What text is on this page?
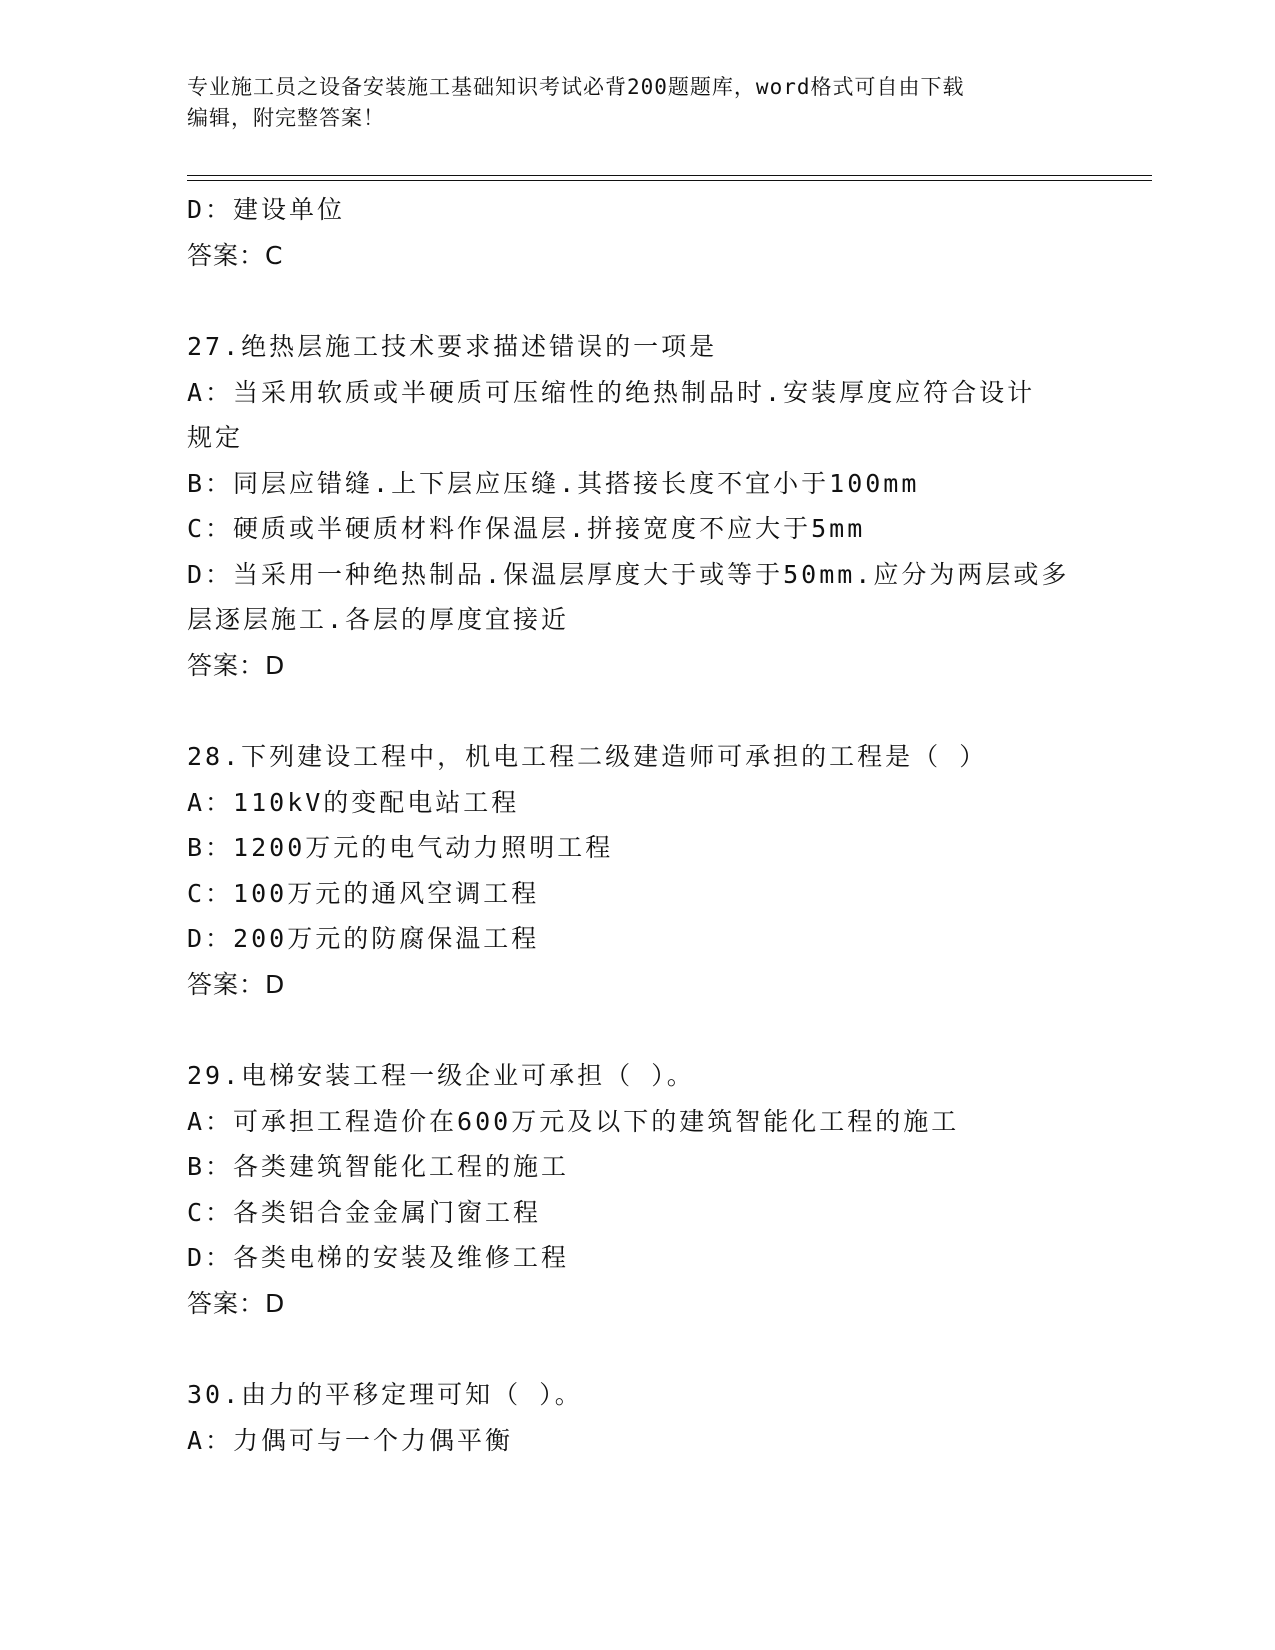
专业施工员之设备安装施工基础知识考试必背200题题库，word格式可自由下载
编辑，附完整答案！

D：建设单位

答案：C

27.绝热层施工技术要求描述错误的一项是

A：当采用软质或半硬质可压缩性的绝热制品时.安装厚度应符合设计

规定

B：同层应错缝.上下层应压缝.其搭接长度不宜小于100mm

C：硬质或半硬质材料作保温层.拼接宽度不应大于5mm

D：当采用一种绝热制品.保温层厚度大于或等于50mm.应分为两层或多

层逐层施工.各层的厚度宜接近

答案：D

28.下列建设工程中，机电工程二级建造师可承担的工程是（ ）

A：110kV的变配电站工程

B：1200万元的电气动力照明工程

C：100万元的通风空调工程

D：200万元的防腐保温工程

答案：D

29.电梯安装工程一级企业可承担（ ）。

A：可承担工程造价在600万元及以下的建筑智能化工程的施工

B：各类建筑智能化工程的施工

C：各类铝合金金属门窗工程

D：各类电梯的安装及维修工程

答案：D

30.由力的平移定理可知（ ）。

A：力偶可与一个力偶平衡
